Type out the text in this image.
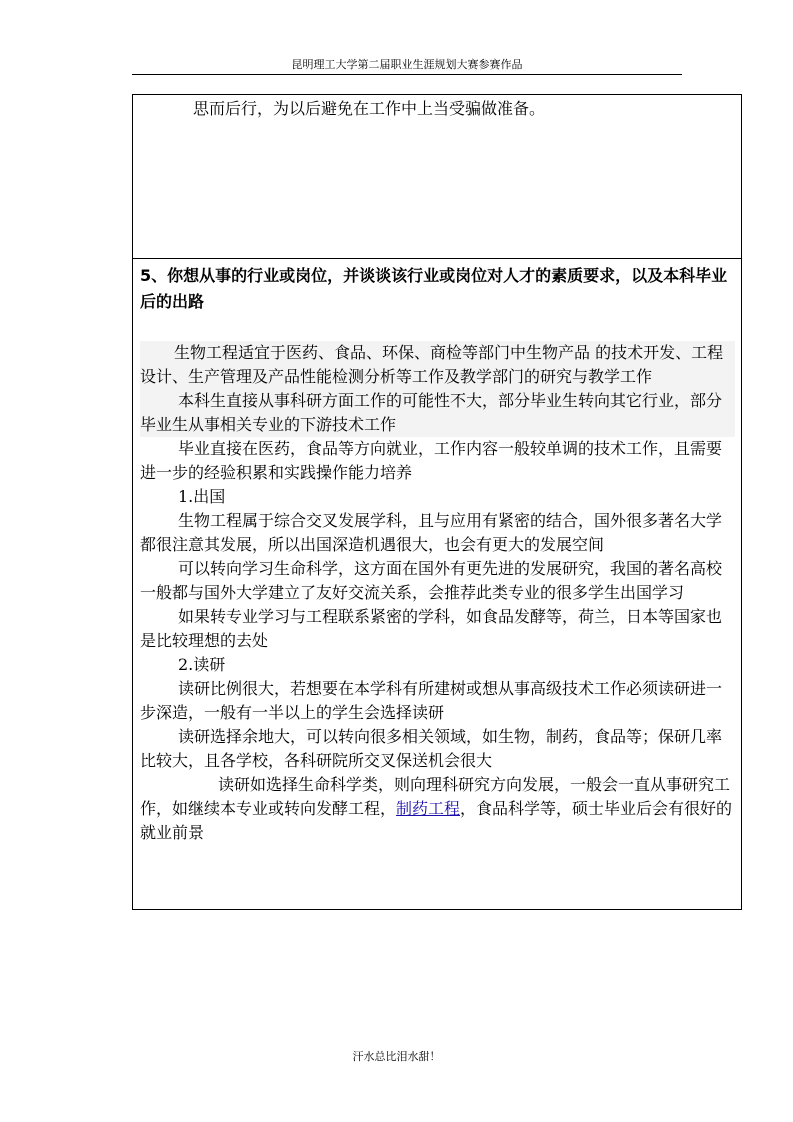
昆明理工大学第二届职业生涯规划大赛参赛作品

思而后行，为以后避免在工作中上当受骗做准备。

5、你想从事的行业或岗位，并谈谈该行业或岗位对人才的素质要求，以及本科毕业后的出路

生物工程适宜于医药、食品、环保、商检等部门中生物产品 的技术开发、工程设计、生产管理及产品性能检测分析等工作及教学部门的研究与教学工作

本科生直接从事科研方面工作的可能性不大，部分毕业生转向其它行业，部分毕业生从事相关专业的下游技术工作

毕业直接在医药，食品等方向就业，工作内容一般较单调的技术工作，且需要进一步的经验积累和实践操作能力培养

1.出国

生物工程属于综合交叉发展学科，且与应用有紧密的结合，国外很多著名大学都很注意其发展，所以出国深造机遇很大，也会有更大的发展空间

可以转向学习生命科学，这方面在国外有更先进的发展研究，我国的著名高校一般都与国外大学建立了友好交流关系，会推荐此类专业的很多学生出国学习

如果转专业学习与工程联系紧密的学科，如食品发酵等，荷兰，日本等国家也是比较理想的去处

2.读研

读研比例很大，若想要在本学科有所建树或想从事高级技术工作必须读研进一步深造，一般有一半以上的学生会选择读研

读研选择余地大，可以转向很多相关领域，如生物，制药，食品等；保研几率比较大，且各学校，各科研院所交叉保送机会很大

读研如选择生命科学类，则向理科研究方向发展，一般会一直从事研究工作，如继续本专业或转向发酵工程，制药工程，食品科学等，硕士毕业后会有很好的就业前景

汗水总比泪水甜！
